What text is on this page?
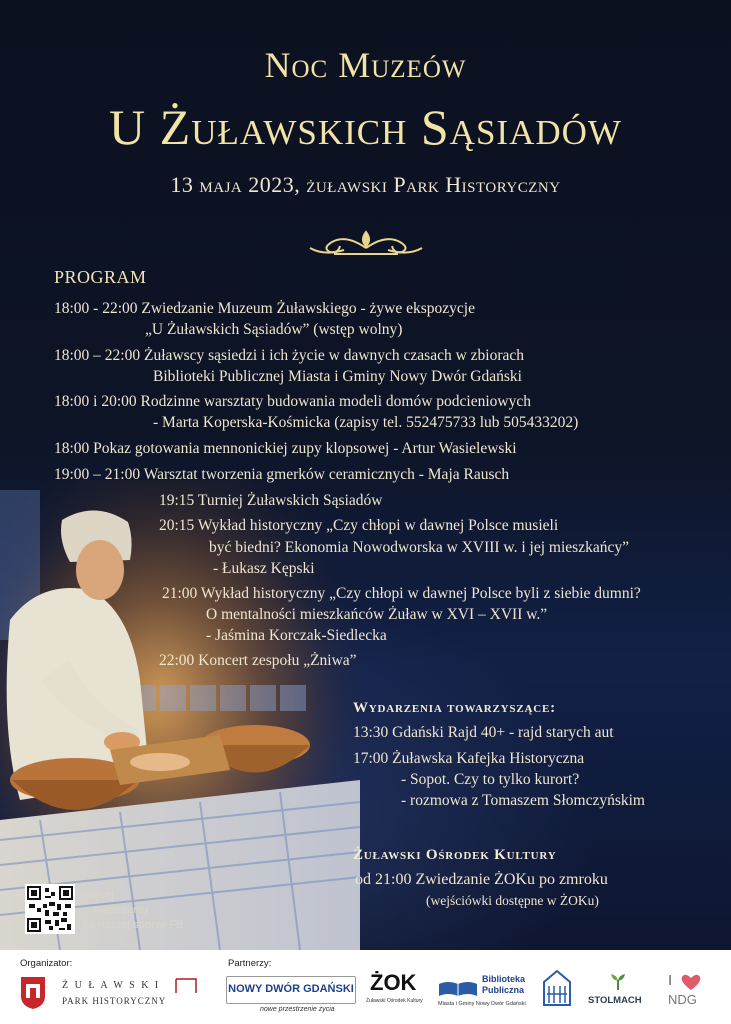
Noc Muzeów
U Żuławskich Sąsiadów
13 maja 2023, żuławski Park Historyczny
PROGRAM
18:00 - 22:00 Zwiedzanie Muzeum Żuławskiego - żywe ekspozycje
„U Żuławskich Sąsiadów” (wstęp wolny)
18:00 – 22:00 Żuławscy sąsiedzi i ich życie w dawnych czasach w zbiorach
Biblioteki Publicznej Miasta i Gminy Nowy Dwór Gdański
18:00 i 20:00 Rodzinne warsztaty budowania modeli domów podcieniowych
- Marta Koperska-Kośmicka (zapisy tel. 552475733 lub 505433202)
18:00 Pokaz gotowania mennonickiej zupy klopsowej - Artur Wasielewski
19:00 – 21:00 Warsztat tworzenia gmerków ceramicznych - Maja Rausch
19:15 Turniej Żuławskich Sąsiadów
20:15 Wykład historyczny „Czy chłopi w dawnej Polsce musieli
być biedni? Ekonomia Nowodworska w XVIII w. i jej mieszkańcy”
- Łukasz Kępski
21:00 Wykład historyczny „Czy chłopi w dawnej Polsce byli z siebie dumni?
O mentalności mieszkańców Żuław w XVI – XVII w.”
- Jaśmina Korczak-Siedlecka
22:00 Koncert zespołu „Żniwa”
Wydarzenia towarzyszące:
13:30 Gdański Rajd 40+ - rajd starych aut
17:00 Żuławska Kafejka Historyczna
- Sopot. Czy to tylko kurort?
- rozmowa z Tomaszem Słomczyńskim
Żuławski Ośrodek Kultury
od 21:00 Zwiedzanie ŻOKu po zmroku
(wejściówki dostępne w ŻOKu)
więcej
o wydarzeniu
na naszej stronie FB
Organizator:	Partnerzy:
Ż U Ł A W S K I
PARK HISTORYCZNY
NOWY DWÓR GDAŃSKI
nowe przestrzenie życia
ŻOK
Żuławski Ośrodek Kultury
Biblioteka
Publiczna
Miasta i Gminy Nowy Dwór Gdański	STOLMACH
I
NDG
